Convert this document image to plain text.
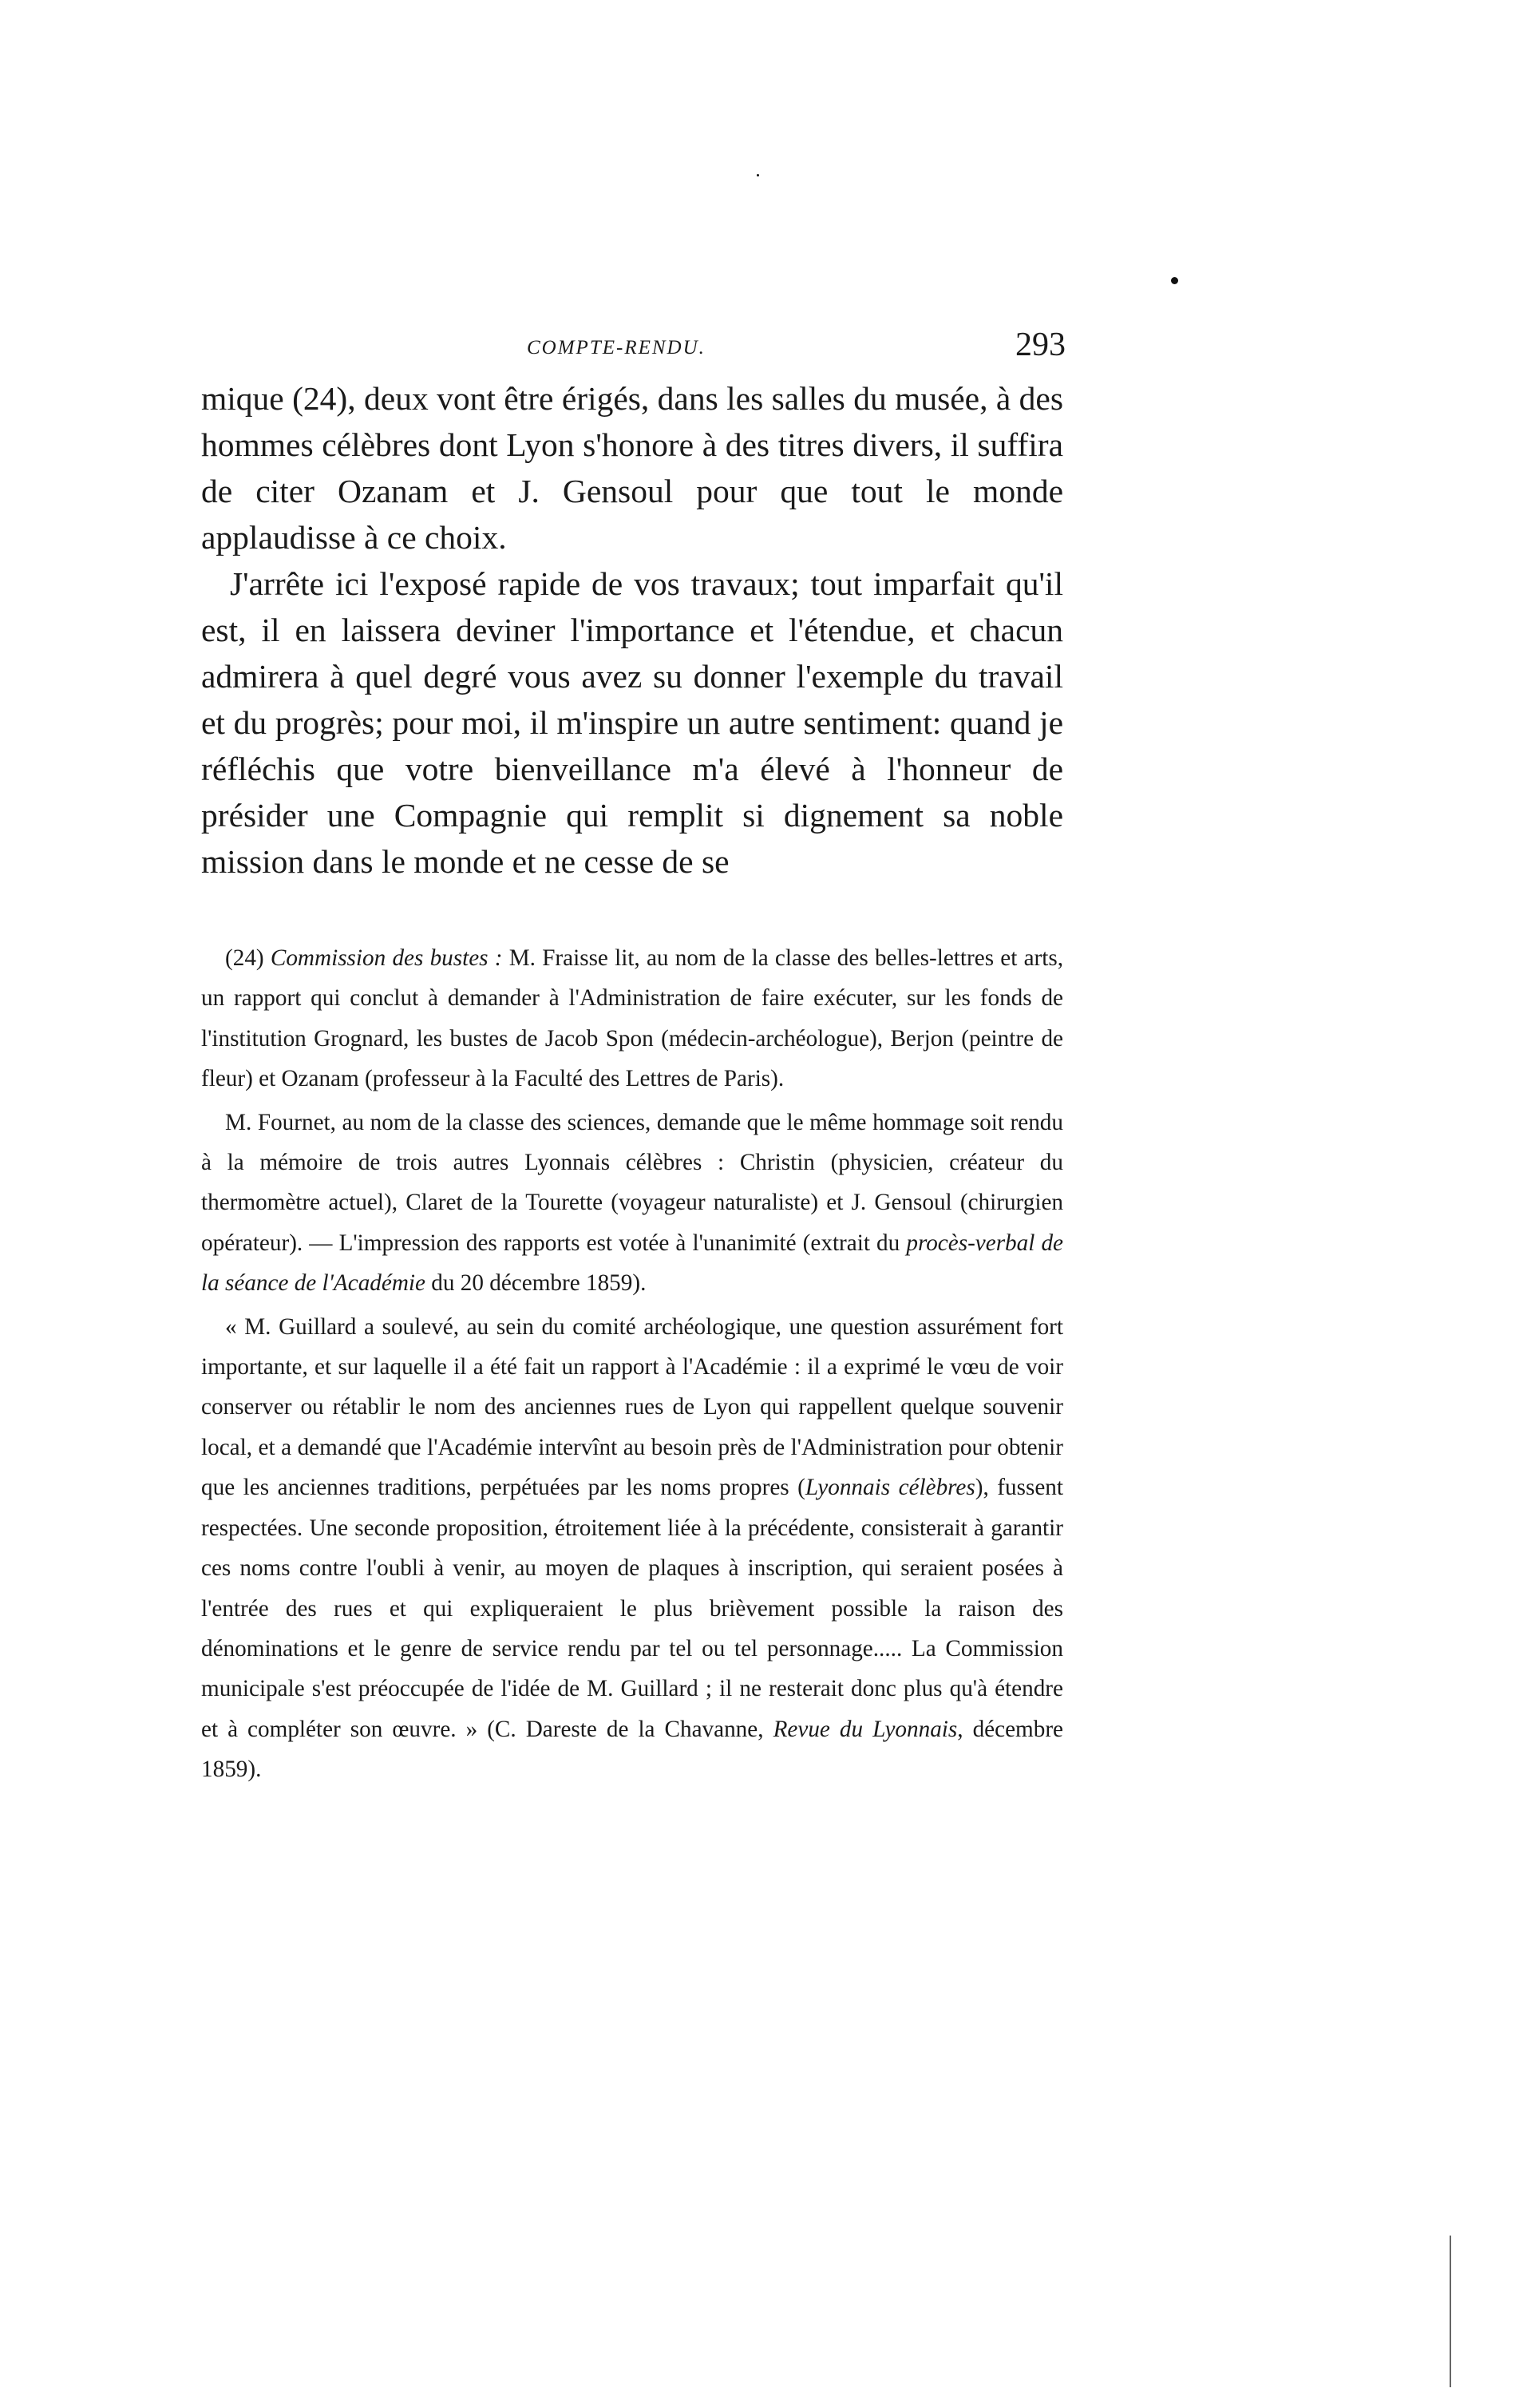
COMPTE-RENDU.	293

mique (24), deux vont être érigés, dans les salles du musée, à des hommes célèbres dont Lyon s'honore à des titres divers, il suffira de citer Ozanam et J. Gensoul pour que tout le monde applaudisse à ce choix.

J'arrête ici l'exposé rapide de vos travaux; tout imparfait qu'il est, il en laissera deviner l'importance et l'étendue, et chacun admirera à quel degré vous avez su donner l'exemple du travail et du progrès; pour moi, il m'inspire un autre sentiment: quand je réfléchis que votre bienveillance m'a élevé à l'honneur de présider une Compagnie qui remplit si dignement sa noble mission dans le monde et ne cesse de se

(24) Commission des bustes : M. Fraisse lit, au nom de la classe des belles-lettres et arts, un rapport qui conclut à demander à l'Administration de faire exécuter, sur les fonds de l'institution Grognard, les bustes de Jacob Spon (médecin-archéologue), Berjon (peintre de fleur) et Ozanam (professeur à la Faculté des Lettres de Paris).

M. Fournet, au nom de la classe des sciences, demande que le même hommage soit rendu à la mémoire de trois autres Lyonnais célèbres : Christin (physicien, créateur du thermomètre actuel), Claret de la Tourette (voyageur naturaliste) et J. Gensoul (chirurgien opérateur). — L'impression des rapports est votée à l'unanimité (extrait du procès-verbal de la séance de l'Académie du 20 décembre 1859).

« M. Guillard a soulevé, au sein du comité archéologique, une question assurément fort importante, et sur laquelle il a été fait un rapport à l'Académie : il a exprimé le vœu de voir conserver ou rétablir le nom des anciennes rues de Lyon qui rappellent quelque souvenir local, et a demandé que l'Académie intervînt au besoin près de l'Administration pour obtenir que les anciennes traditions, perpétuées par les noms propres (Lyonnais célèbres), fussent respectées. Une seconde proposition, étroitement liée à la précédente, consisterait à garantir ces noms contre l'oubli à venir, au moyen de plaques à inscription, qui seraient posées à l'entrée des rues et qui expliqueraient le plus brièvement possible la raison des dénominations et le genre de service rendu par tel ou tel personnage..... La Commission municipale s'est préoccupée de l'idée de M. Guillard ; il ne resterait donc plus qu'à étendre et à compléter son œuvre. » (C. Dareste de la Chavanne, Revue du Lyonnais, décembre 1859).
